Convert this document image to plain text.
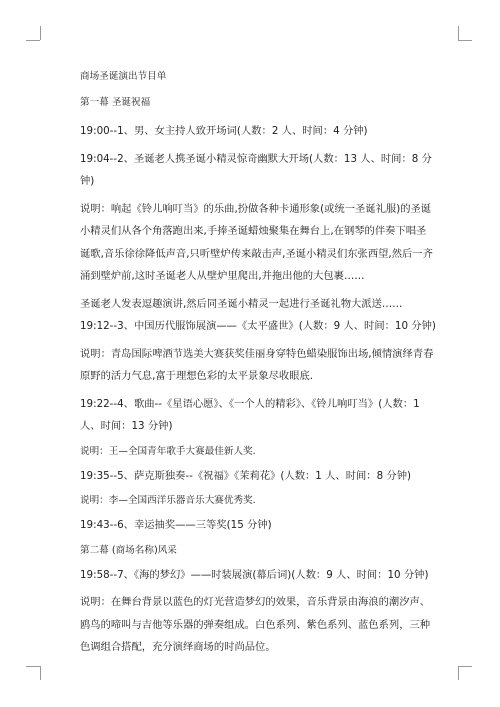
商场圣诞演出节目单

第一幕 圣诞祝福

19:00--1、男、女主持人致开场词(人数：2 人、时间：4 分钟)

19:04--2、圣诞老人携圣诞小精灵惊奇幽默大开场(人数：13 人、时间：8 分钟)

说明：响起《铃儿响叮当》的乐曲,扮做各种卡通形象(或统一圣诞礼服)的圣诞小精灵们从各个角落跑出来,手捧圣诞蜡烛聚集在舞台上,在钢琴的伴奏下唱圣诞歌,音乐徐徐降低声音,只听壁炉传来敲击声,圣诞小精灵们东张西望,然后一齐涌到壁炉前,这时圣诞老人从壁炉里爬出,并拖出他的大包裹……

圣诞老人发表逗趣演讲,然后同圣诞小精灵一起进行圣诞礼物大派送……

19:12--3、中国历代服饰展演——《太平盛世》(人数：9 人、时间：10 分钟)

说明：青岛国际啤酒节选美大赛获奖佳丽身穿特色蜡染服饰出场,倾情演绎青春原野的活力气息,富于理想色彩的太平景象尽收眼底.

19:22--4、歌曲--《星语心愿》、《一个人的精彩》、《铃儿响叮当》(人数：1 人、时间：13 分钟)

说明：王—全国青年歌手大赛最佳新人奖.

19:35--5、萨克斯独奏--《祝福》《茉莉花》(人数：1 人、时间：8 分钟)

说明：李—全国西洋乐器音乐大赛优秀奖.

19:43--6、幸运抽奖——三等奖(15 分钟)

第二幕 (商场名称)风采

19:58--7、《海的梦幻》——时装展演(幕后词)(人数：9 人、时间：10 分钟)

说明：在舞台背景以蓝色的灯光营造梦幻的效果，音乐背景由海浪的潮汐声、鸥鸟的啼叫与吉他等乐器的弹奏组成。白色系列、紫色系列、蓝色系列，三种色调组合搭配，充分演绎商场的时尚品位。
